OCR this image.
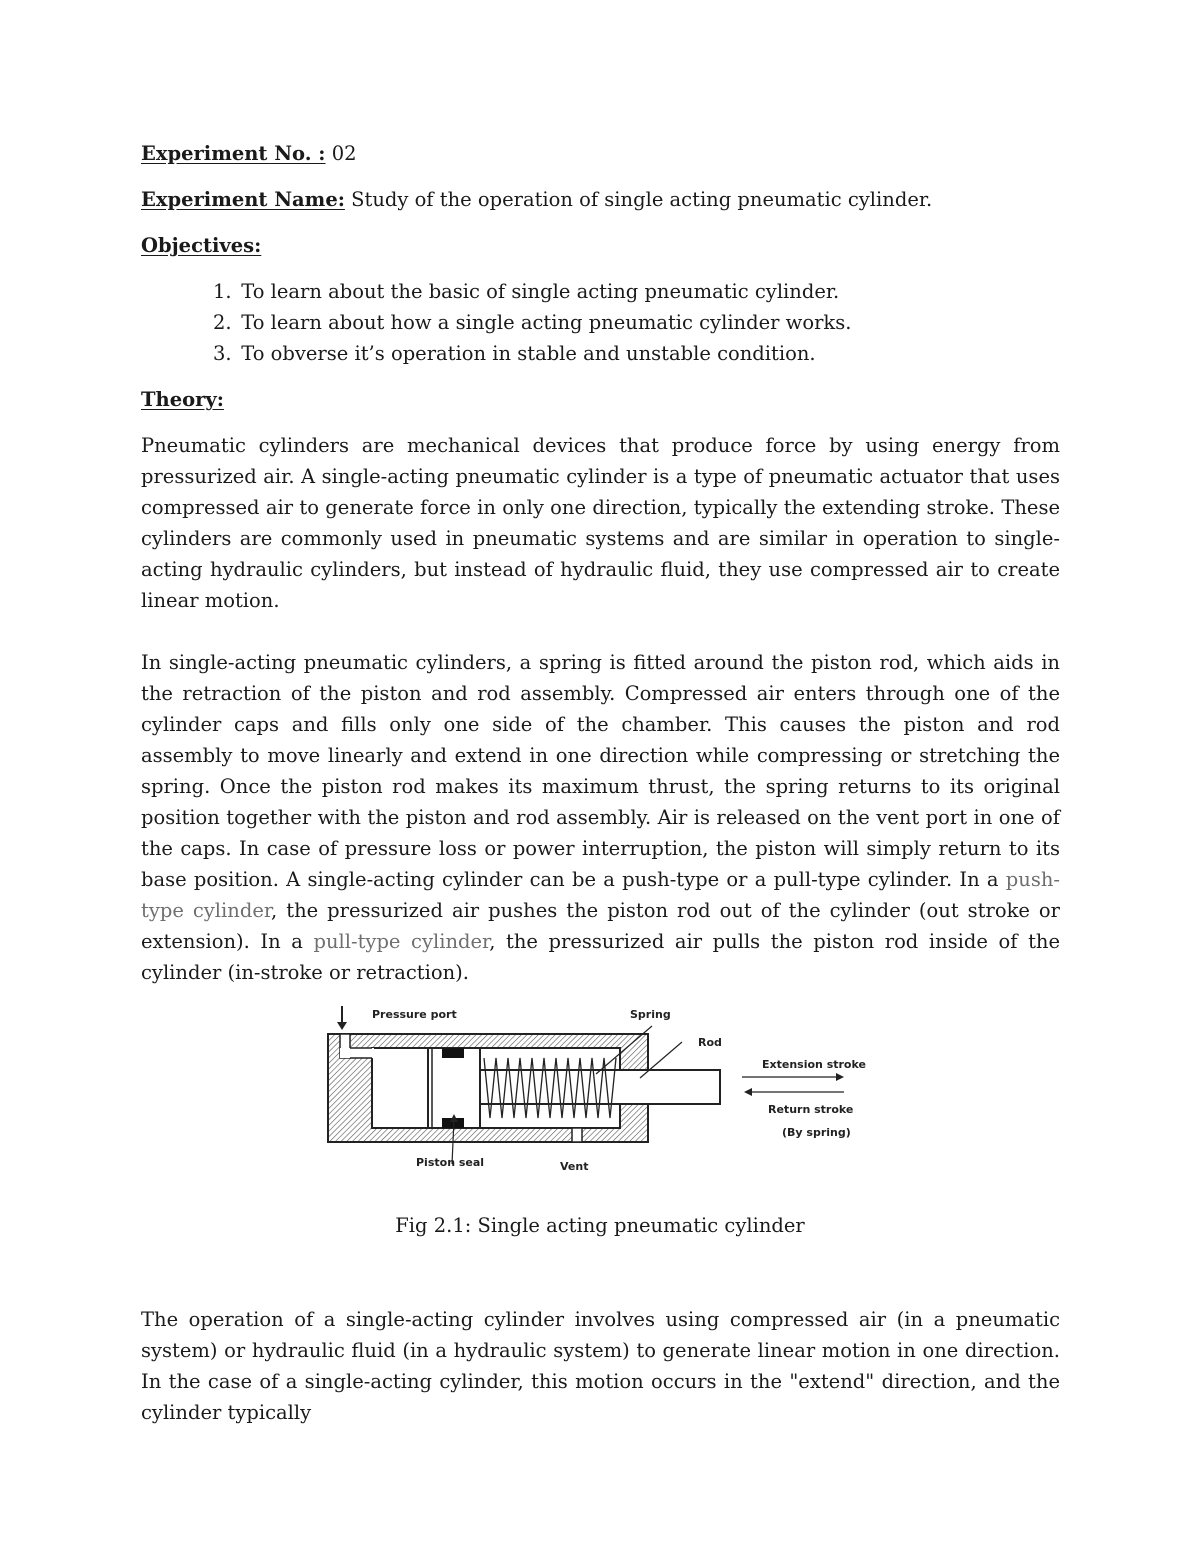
Experiment No. : 02

Experiment Name: Study of the operation of single acting pneumatic cylinder.

Objectives:

1. To learn about the basic of single acting pneumatic cylinder.
2. To learn about how a single acting pneumatic cylinder works.
3. To obverse it’s operation in stable and unstable condition.

Theory:

Pneumatic cylinders are mechanical devices that produce force by using energy from pressurized air. A single-acting pneumatic cylinder is a type of pneumatic actuator that uses compressed air to generate force in only one direction, typically the extending stroke. These cylinders are commonly used in pneumatic systems and are similar in operation to single-acting hydraulic cylinders, but instead of hydraulic fluid, they use compressed air to create linear motion.

In single-acting pneumatic cylinders, a spring is fitted around the piston rod, which aids in the retraction of the piston and rod assembly. Compressed air enters through one of the cylinder caps and fills only one side of the chamber. This causes the piston and rod assembly to move linearly and extend in one direction while compressing or stretching the spring. Once the piston rod makes its maximum thrust, the spring returns to its original position together with the piston and rod assembly. Air is released on the vent port in one of the caps. In case of pressure loss or power interruption, the piston will simply return to its base position. A single-acting cylinder can be a push-type or a pull-type cylinder. In a push-type cylinder, the pressurized air pushes the piston rod out of the cylinder (out stroke or extension). In a pull-type cylinder, the pressurized air pulls the piston rod inside of the cylinder (in-stroke or retraction).

Pressure port	Spring
Rod
Extension stroke
Return stroke
(By spring)
Piston seal	Vent
Fig 2.1: Single acting pneumatic cylinder

The operation of a single-acting cylinder involves using compressed air (in a pneumatic system) or hydraulic fluid (in a hydraulic system) to generate linear motion in one direction. In the case of a single-acting cylinder, this motion occurs in the "extend" direction, and the cylinder typically
